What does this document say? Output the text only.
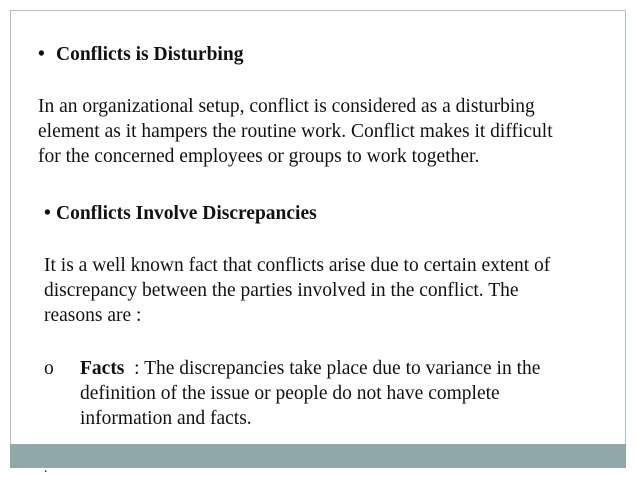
• Conflicts is Disturbing
In an organizational setup, conflict is considered as a disturbing
element as it hampers the routine work. Conflict makes it difficult
for the concerned employees or groups to work together.
• Conflicts Involve Discrepancies
It is a well known fact that conflicts arise due to certain extent of
discrepancy between the parties involved in the conflict. The
reasons are :
o Facts  : The discrepancies take place due to variance in the
definition of the issue or people do not have complete
information and facts.
.
